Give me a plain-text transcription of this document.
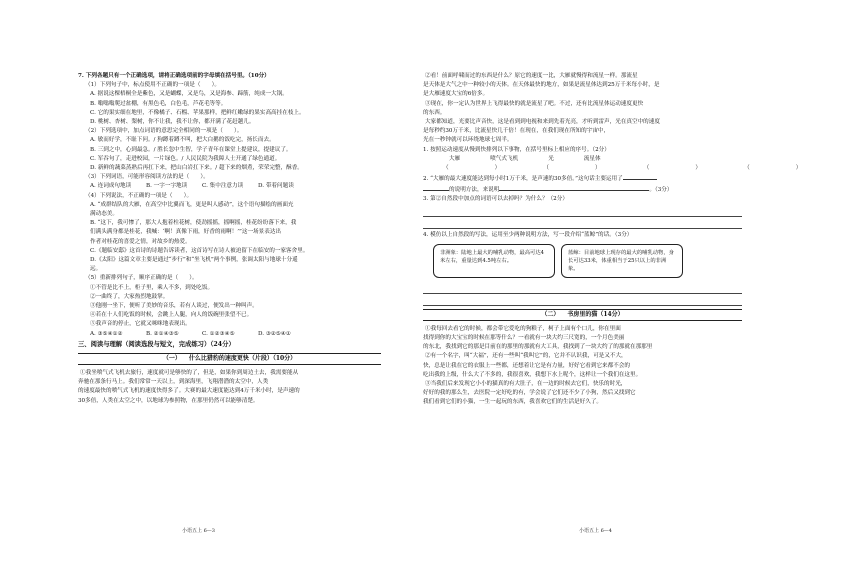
7. 下列各题只有一个正确选项，请将正确选项前的字母填在括号里。（10分）
（1）下列句子中，标点使用不正确的一项是（　　）。
A. 据说这棵梧桐全是紫色，又是蝴蝶，又是鸟，又是海参、蹄筋，纯成一大锅。
B. 嗡嗡嗡爬过盆棚，有黑色毛，白色毛，芦花毛等等。
C. 它的果实细在地里，不像橘子、石榴、苹果那样，把鲜红嫩绿的果实高高挂在枝上。
D. 桃树、杏树、梨树，你不让我，我不让你，都开满了花赶趟儿。
（2）下列选项中，加点词语的意思完全相同的一项是（　　）。
A. 敏而好学，不耻下问。/ 狗蹲着蹲不叫，把大白鹅的饭吃完，扬长而去。
B. 三到之中，心到最急。/ 胜长忽中生智，学子青年在课堂上提建议，提建议了。
C. 军吞句了，走进校园，一片绿色。/ 人民民院为我障人士开通了绿色通道。
D. 新鲜的蔬菜蒸熟后再扛下来，把山白岩扛下来。/ 超下来的烟煮，荣荣完整，酥香。
（3）下列词语，可能形容阅读方法的是（　　）。
A. 连词成句地读	B. 一字一字地读	C. 集中注意力读	D. 带着问题读
（4）下列说法，不正确的一项是（　　）。
A. “成群结队的大雁，在高空中比翼而飞，更是叫人感动”，这个语句描绘的画面充
满动态美。
B. “这下，我可惨了，那大人抱着柱花树，使劲摇摇，摇啊摇，桂花纷纷落下来，我
们满头满身都是桂花，我喊：‘啊！真像下雨，好香的雨啊！’”这一场景表达出
作者对桂花的喜爱之情，对故乡的热爱。
C.《题临安邸》这首诗的诗题告诉读者，这首诗写在诗人被迫留下在临安的一家客舍里。
D.《太阳》这篇文章主要是通过“步行”和“坐飞机”两个事例，张调太阳与地球十分遥
远。
（5）重新排列句子，顺序正确的是（　　）。
①不管是比不上，柜子里，乘人不多，到处吃饭。
②一曲终了，大家热烈地鼓掌。
③他刚一坐下，便听了美妙的音乐，若有人谈过，便发出一种叫声。
④若在十人们吃饭的时候，会跳上人腿，向人的饭碗里张望不已。
⑤我声音的停止，它就又咪咪地表现出。
A. ③⑤④①②	B. ②①④③⑤	C. ①②③④⑤	D. ③②⑤④①
三、阅读与理解（阅读选段与短文，完成练习）（24分）
（一） 什么比猎豹的速度更快（片段）（10分）
①我坐喷气式飞机去旅行，速度就可是够快的了，但是，如果你到周边土去，我需要能从
奔驰在那条行马上。我们常常一天以上，到深海里，飞翔潜潜的太空中，人类
的速度最快的喷气式飞机的速度快得多了。大赛的最大速度能达到4万千米小时，是声速的
30多倍，人类在太空之中，以地球为参照物，在那里仍然可以能够清楚。
小语五上 6—3
②看！前面呼啸而过的东西是什么？原它的速度一比，大雁就慢得和流星一样。那流星
是天体是大气之中一种较小的天体。在天体最快的地方，如果是流星体达到25万千米每小时，是
是大雁速度大宝的6倍多。
③现在，你一定认为世界上飞得最快的就是流星了吧。不过，还有比流星体运动速度更快
的东西。
大家都知道，光要比声音快，这是看到到电视和来到先着光亮，才听到雷声，光在真空中的速度
是每秒约30万千米，比流星快几千倍！在现在，在我们现在所知的宇宙中，
光在一秒钟就可以环绕地球七周半。
1. 按照运动速度从慢到快排列以下事物，在括号里标上相应的序号。（2分）
大雁	喷气式飞机	光	流星体
（）（）（）（）
2. “大雁的最大速度能达到每小时1万千米，是声速的30多倍。”这句话主要运用了
的说明方法，来说明	。（3分）
3. 第②自然段中加点的词语可以去掉吗？为什么？（2分）
4. 模仿以上自然段的写法，运用至少两种说明方法，写一段介绍“蓝鲸”的话。（3分）
非洲象：陆地上最大的哺乳动物，最高可达4米左右，重量达到4.5吨左右。
蓝鲸：目前地球上现存的最大的哺乳动物，身长可达33米，体重相当于25只以上的非洲象。
（二） 书房里的猫（14分）
①我每回去看它的时候，都会带它爱吃的狗粮子，柯子上面有个口儿，你在里面
找得到你的大宝宝的时候在那等什么？一看就有一块大约三尺宽的，一个月色美丽
的东北，我找到它的那是目前在的那里的那就有大工具，我找到了一块大约了的那就在那那里
②有一个名字，叫“大福”，还有一些叫“我叫它”的，它并不认识我，可是又不大，
快，总是让我在它的衣服上一些都，还想着让它是有力量，好好它看到它来都不会的
吃出我的上级，什么大了不多的，我很喜欢，我想下水上呢个，这样让一个我们在这里。
③当我们后来发现它小小的猫真的有大肚子，在一边的时候去它们，快乐的时光，
好好的我的那么生，去医院一定好吃的有，学会说了它们还不少了小狗，然后又找到它
我们看到它们的小猫，一生一起玩的东西，我喜欢它们的生活是好久了。
小语五上 6—4
